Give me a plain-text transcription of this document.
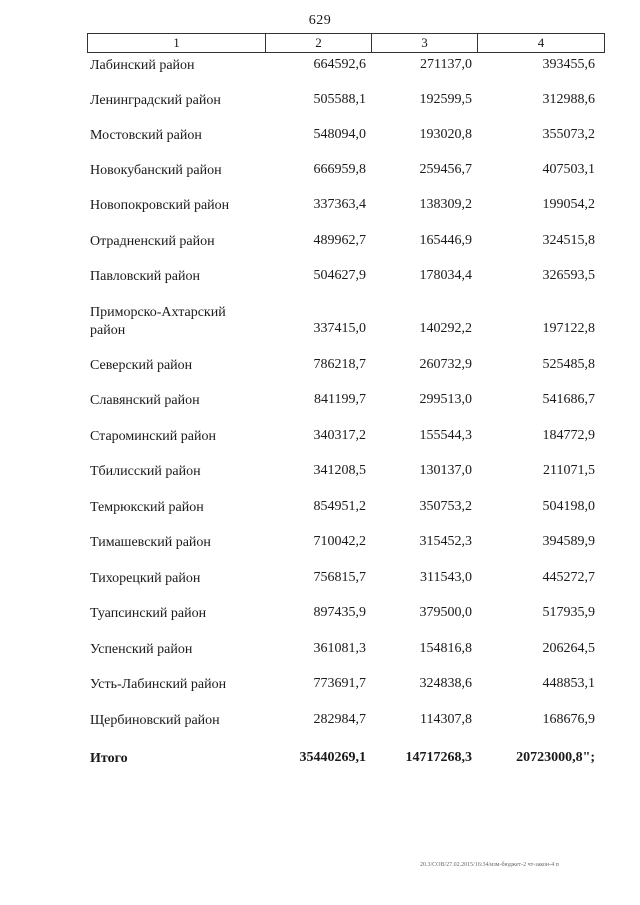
629
1	2	3	4
Лабинский район	664592,6	271137,0	393455,6
Ленинградский район	505588,1	192599,5	312988,6
Мостовский район	548094,0	193020,8	355073,2
Новокубанский район	666959,8	259456,7	407503,1
Новопокровский район	337363,4	138309,2	199054,2
Отрадненский район	489962,7	165446,9	324515,8
Павловский район	504627,9	178034,4	326593,5
Приморско-Ахтарский район	337415,0	140292,2	197122,8
Северский район	786218,7	260732,9	525485,8
Славянский район	841199,7	299513,0	541686,7
Староминский район	340317,2	155544,3	184772,9
Тбилисский район	341208,5	130137,0	211071,5
Темрюкский район	854951,2	350753,2	504198,0
Тимашевский район	710042,2	315452,3	394589,9
Тихорецкий район	756815,7	311543,0	445272,7
Туапсинский район	897435,9	379500,0	517935,9
Успенский район	361081,3	154816,8	206264,5
Усть-Лабинский район	773691,7	324838,6	448853,1
Щербиновский район	282984,7	114307,8	168676,9
Итого	35440269,1	14717268,3	20723000,8";
20.3/СОВ/27.02.2015/16:34/изм-бюджет-2 чт-закон-4 п
